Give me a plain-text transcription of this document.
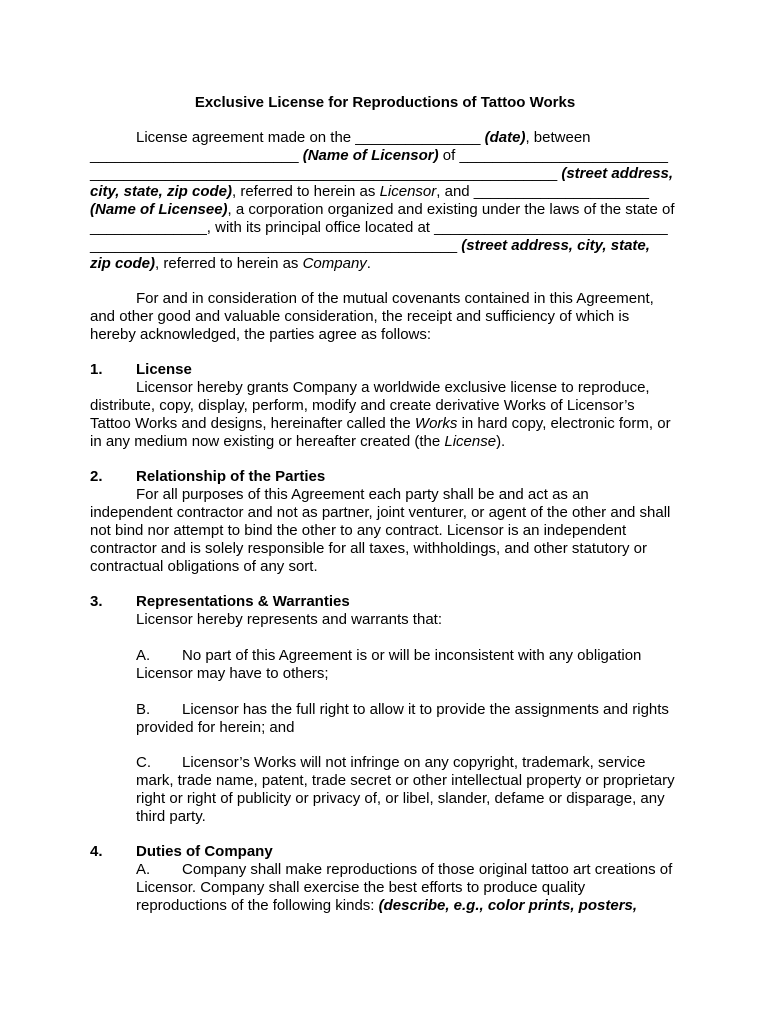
Exclusive License for Reproductions of Tattoo Works
License agreement made on the _______________ (date), between
_________________________ (Name of Licensor) of _________________________
________________________________________________________ (street address,
city, state, zip code), referred to herein as Licensor, and _____________________
(Name of Licensee), a corporation organized and existing under the laws of the state of
______________, with its principal office located at ____________________________
____________________________________________ (street address, city, state,
zip code), referred to herein as Company.
For and in consideration of the mutual covenants contained in this Agreement,
and other good and valuable consideration, the receipt and sufficiency of which is
hereby acknowledged, the parties agree as follows:
1. License
Licensor hereby grants Company a worldwide exclusive license to reproduce,
distribute, copy, display, perform, modify and create derivative Works of Licensor’s
Tattoo Works and designs, hereinafter called the Works in hard copy, electronic form, or
in any medium now existing or hereafter created (the License).
2. Relationship of the Parties
For all purposes of this Agreement each party shall be and act as an
independent contractor and not as partner, joint venturer, or agent of the other and shall
not bind nor attempt to bind the other to any contract. Licensor is an independent
contractor and is solely responsible for all taxes, withholdings, and other statutory or
contractual obligations of any sort.
3. Representations & Warranties
Licensor hereby represents and warrants that:
A. No part of this Agreement is or will be inconsistent with any obligation
Licensor may have to others;
B. Licensor has the full right to allow it to provide the assignments and rights
provided for herein; and
C. Licensor’s Works will not infringe on any copyright, trademark, service
mark, trade name, patent, trade secret or other intellectual property or proprietary
right or right of publicity or privacy of, or libel, slander, defame or disparage, any
third party.
4. Duties of Company
A. Company shall make reproductions of those original tattoo art creations of
Licensor. Company shall exercise the best efforts to produce quality
reproductions of the following kinds: (describe, e.g., color prints, posters,
